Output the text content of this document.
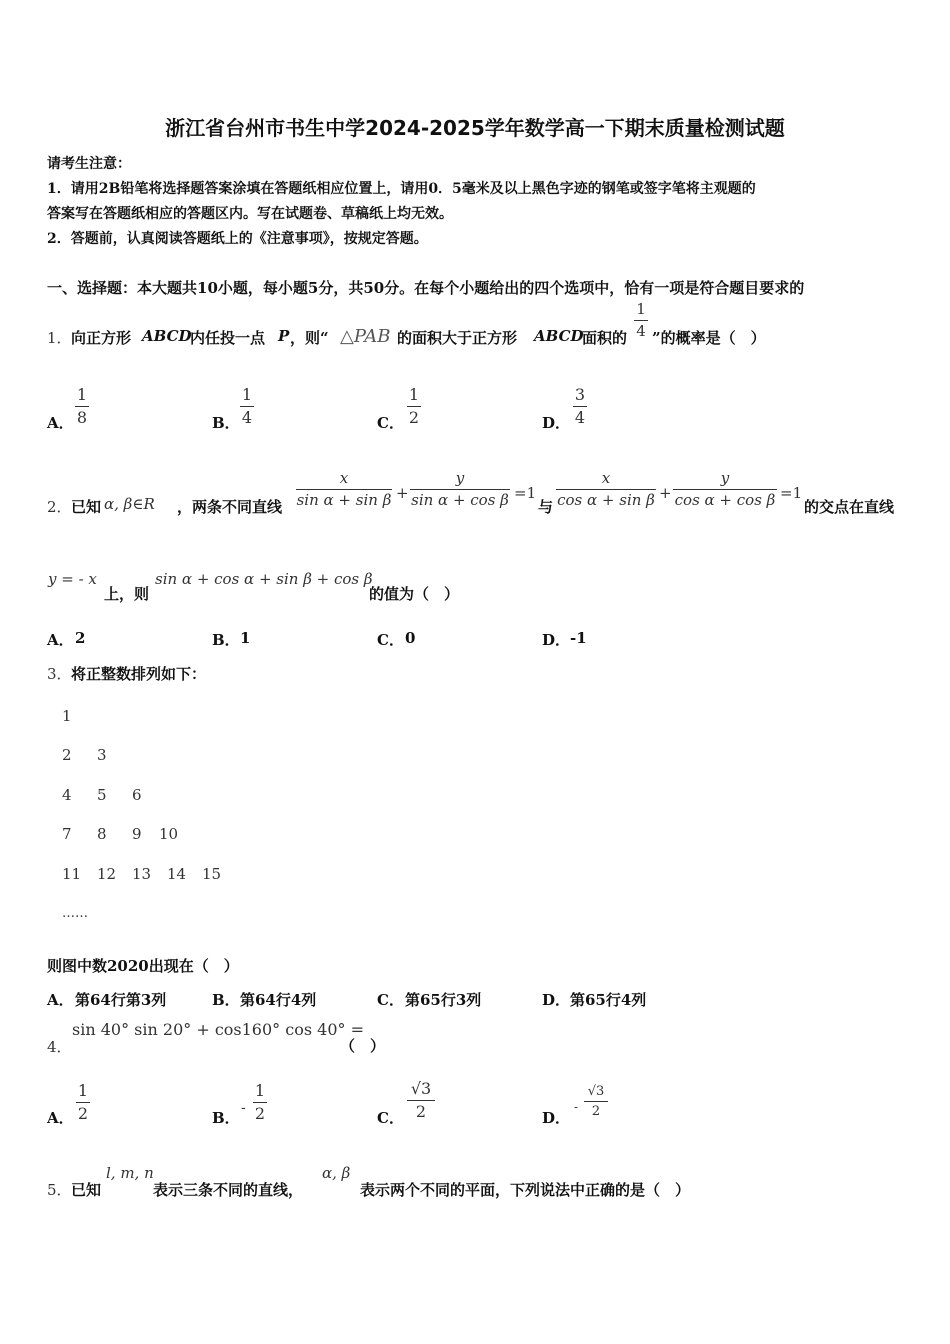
浙江省台州市书生中学2024-2025学年数学高一下期末质量检测试题
请考生注意：
1．请用2B铅笔将选择题答案涂填在答题纸相应位置上，请用0．5毫米及以上黑色字迹的钢笔或签字笔将主观题的
答案写在答题纸相应的答题区内。写在试题卷、草稿纸上均无效。
2．答题前，认真阅读答题纸上的《注意事项》，按规定答题。
一、选择题：本大题共10小题，每小题5分，共50分。在每个小题给出的四个选项中，恰有一项是符合题目要求的
1． 向正方形 ABCD
内任投一点 P ，则“ △PAB 的面积大于正方形 ABCD
面积的
1
4 ”的概率是（　）
A．
1
8	B．
1
4	C．
1
2	D．
3
4
2． 已知 α, β∈R ，两条不同直线
x
sin α + sin β +
y
sin α + cos β =1
与
x
cos α + sin β +
y
cos α + cos β =1
的交点在直线
y = - x
上，则
sin α + cos α + sin β + cos β
的值为（　）
A． 2	B． 1	C． 0	D． -1
3． 将正整数排列如下：
1
2 3
4 5 6
7 8 9 10
11 12 13 14 15
……
则图中数2020出现在（　）
A． 第64行第3列	B． 第64行4列	C． 第65行3列	D． 第65行4列
4．
sin 40° sin 20° + cos160° cos 40° =
（　）
A．
1
2	B．
-
1
2	C．
√3
2	D．
-
√3
2
5． 已知
l, m, n
表示三条不同的直线，
α, β
表示两个不同的平面，下列说法中正确的是（　）
